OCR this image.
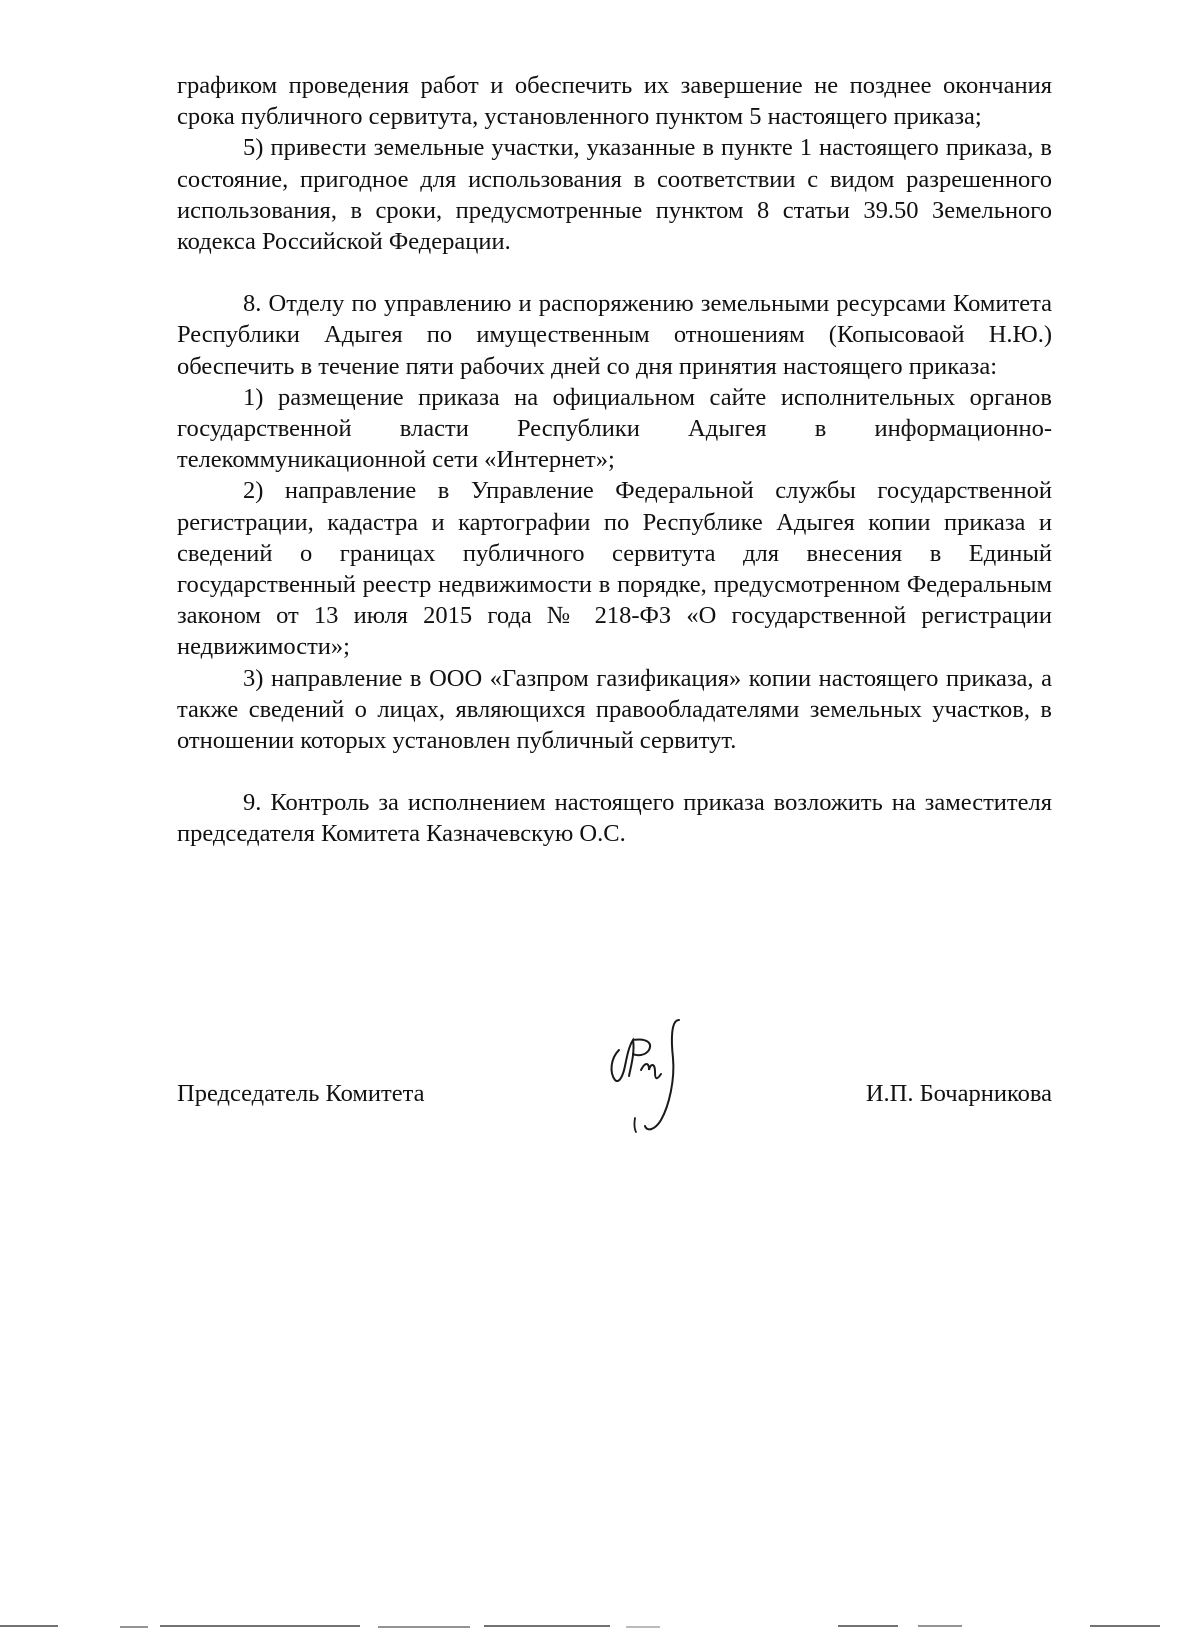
графиком проведения работ и обеспечить их завершение не позднее окончания срока публичного сервитута, установленного пунктом 5 настоящего приказа;

5) привести земельные участки, указанные в пункте 1 настоящего приказа, в состояние, пригодное для использования в соответствии с видом разрешенного использования, в сроки, предусмотренные пунктом 8 статьи 39.50 Земельного кодекса Российской Федерации.

8. Отделу по управлению и распоряжению земельными ресурсами Комитета Республики Адыгея по имущественным отношениям (Копысоваой Н.Ю.) обеспечить в течение пяти рабочих дней со дня принятия настоящего приказа:

1) размещение приказа на официальном сайте исполнительных органов государственной власти Республики Адыгея в информационно-телекоммуникационной сети «Интернет»;

2) направление в Управление Федеральной службы государственной регистрации, кадастра и картографии по Республике Адыгея копии приказа и сведений о границах публичного сервитута для внесения в Единый государственный реестр недвижимости в порядке, предусмотренном Федеральным законом от 13 июля 2015 года № 218-ФЗ «О государственной регистрации недвижимости»;

3) направление в ООО «Газпром газификация» копии настоящего приказа, а также сведений о лицах, являющихся правообладателями земельных участков, в отношении которых установлен публичный сервитут.

9. Контроль за исполнением настоящего приказа возложить на заместителя председателя Комитета Казначевскую О.С.

Председатель Комитета	И.П. Бочарникова
